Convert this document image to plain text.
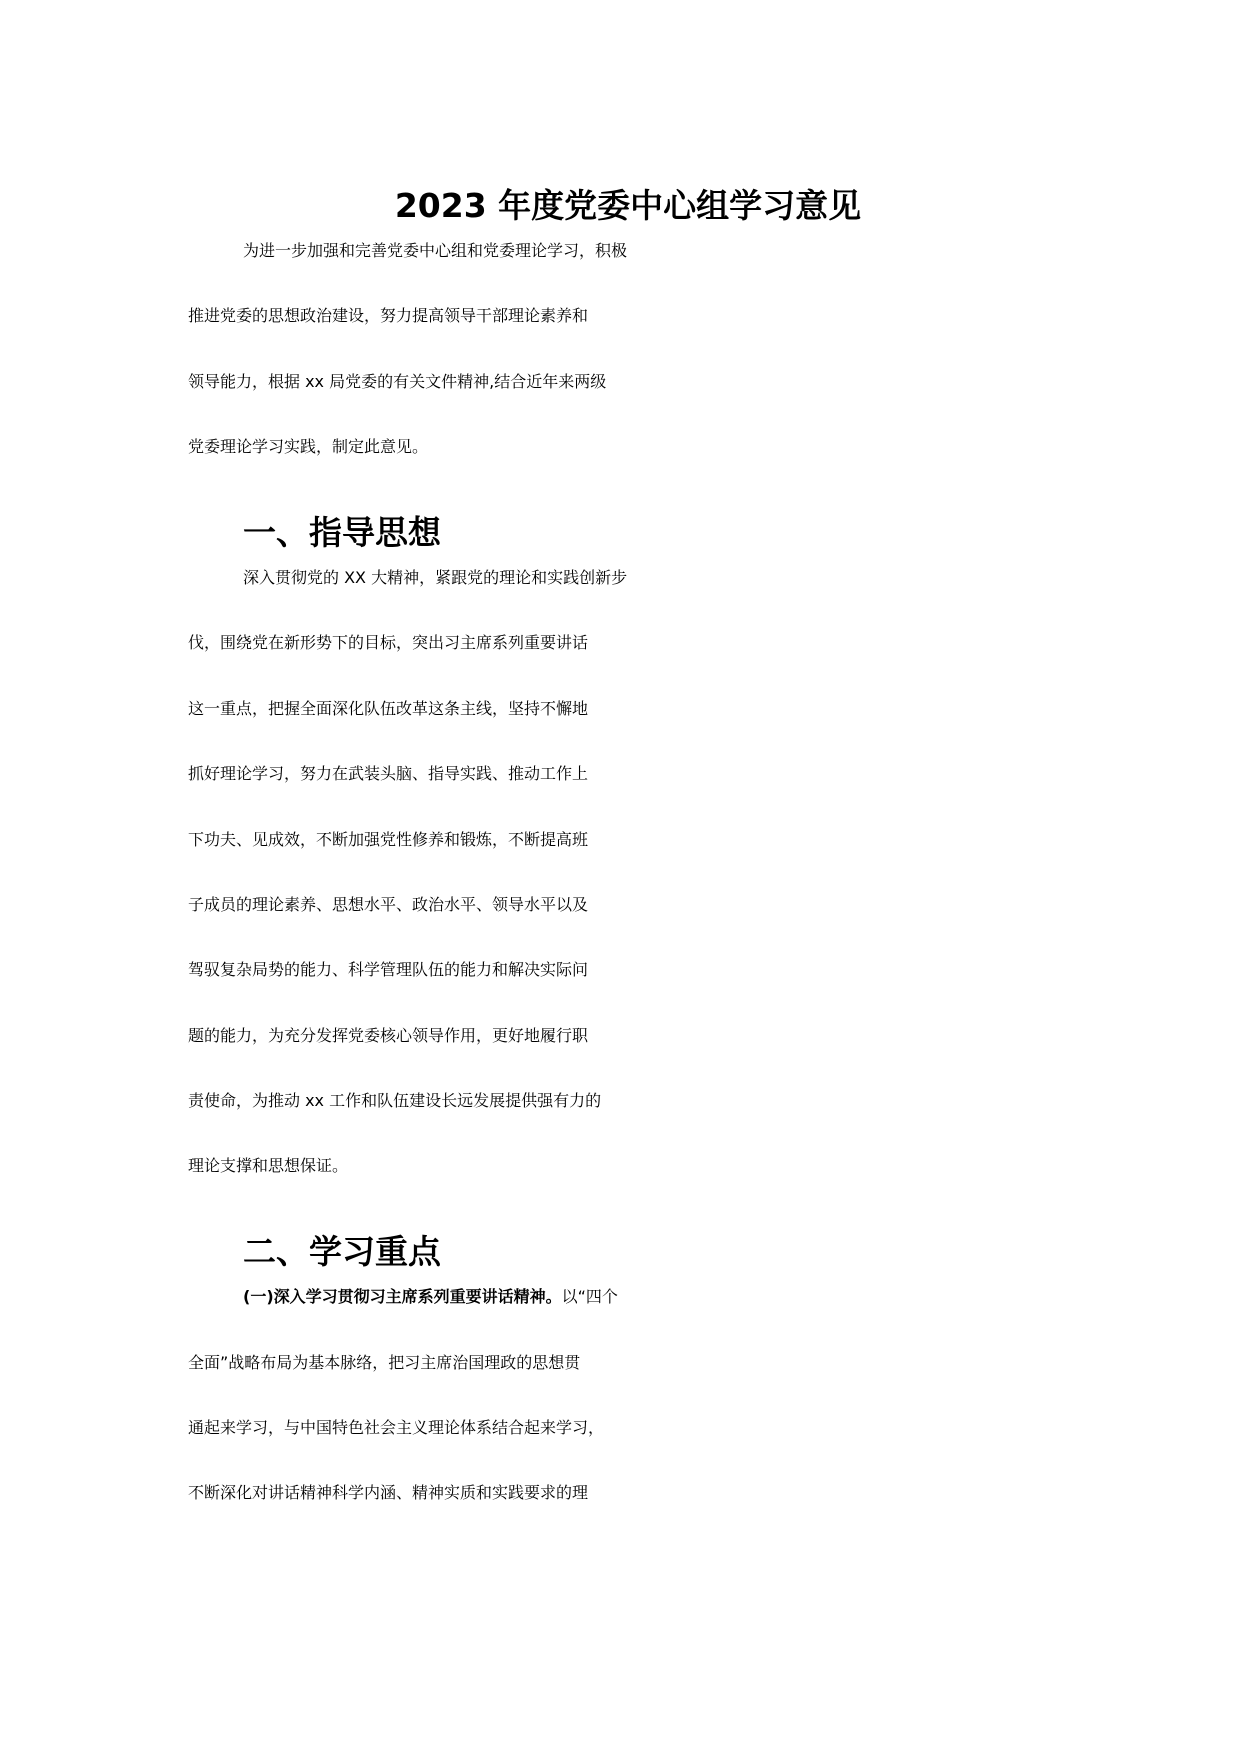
2023 年度党委中心组学习意见
为进一步加强和完善党委中心组和党委理论学习，积极
推进党委的思想政治建设，努力提高领导干部理论素养和
领导能力，根据 xx 局党委的有关文件精神,结合近年来两级
党委理论学习实践，制定此意见。
一、指导思想
深入贯彻党的 XX 大精神，紧跟党的理论和实践创新步
伐，围绕党在新形势下的目标，突出习主席系列重要讲话
这一重点，把握全面深化队伍改革这条主线，坚持不懈地
抓好理论学习，努力在武装头脑、指导实践、推动工作上
下功夫、见成效，不断加强党性修养和锻炼，不断提高班
子成员的理论素养、思想水平、政治水平、领导水平以及
驾驭复杂局势的能力、科学管理队伍的能力和解决实际问
题的能力，为充分发挥党委核心领导作用，更好地履行职
责使命，为推动 xx 工作和队伍建设长远发展提供强有力的
理论支撑和思想保证。
二、学习重点
(一)深入学习贯彻习主席系列重要讲话精神。以“四个
全面”战略布局为基本脉络，把习主席治国理政的思想贯
通起来学习，与中国特色社会主义理论体系结合起来学习，
不断深化对讲话精神科学内涵、精神实质和实践要求的理
